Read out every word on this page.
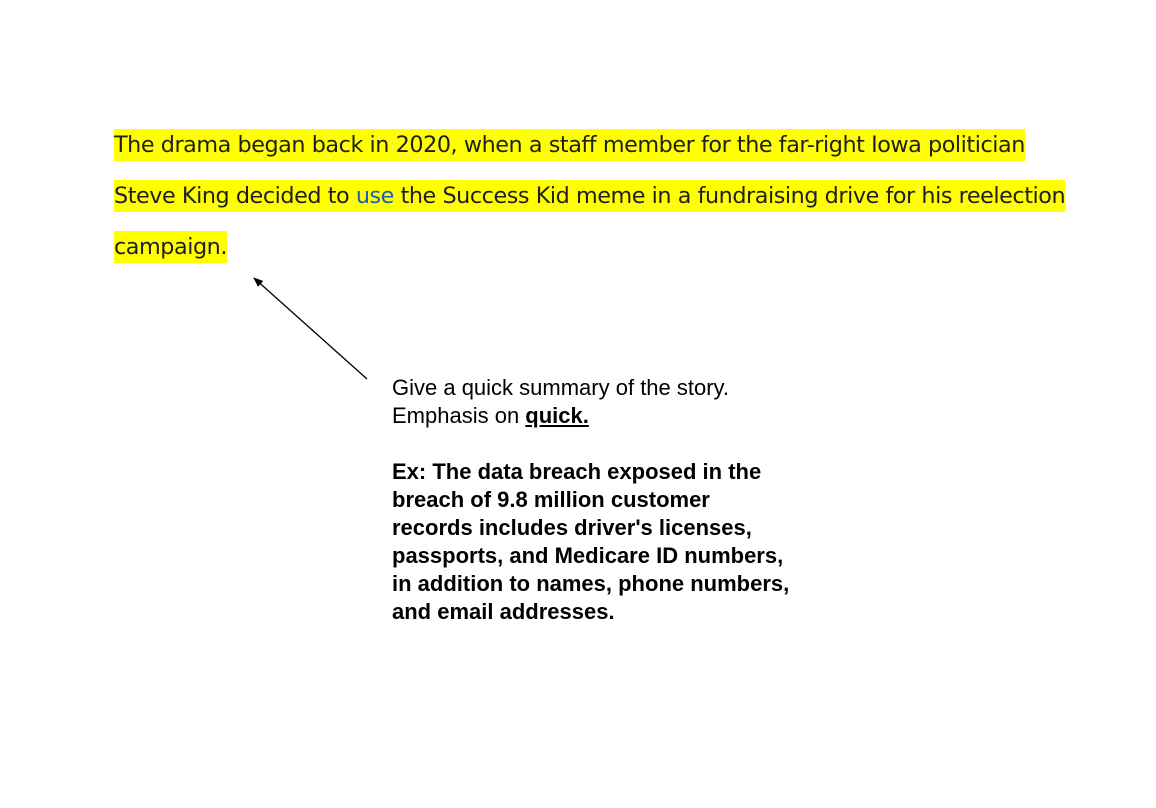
The drama began back in 2020, when a staff member for the far-right Iowa politician
Steve King decided to use the Success Kid meme in a fundraising drive for his reelection
campaign.

Give a quick summary of the story.

Emphasis on quick.

Ex: The data breach exposed in the breach of 9.8 million customer records includes driver's licenses, passports, and Medicare ID numbers, in addition to names, phone numbers, and email addresses.
